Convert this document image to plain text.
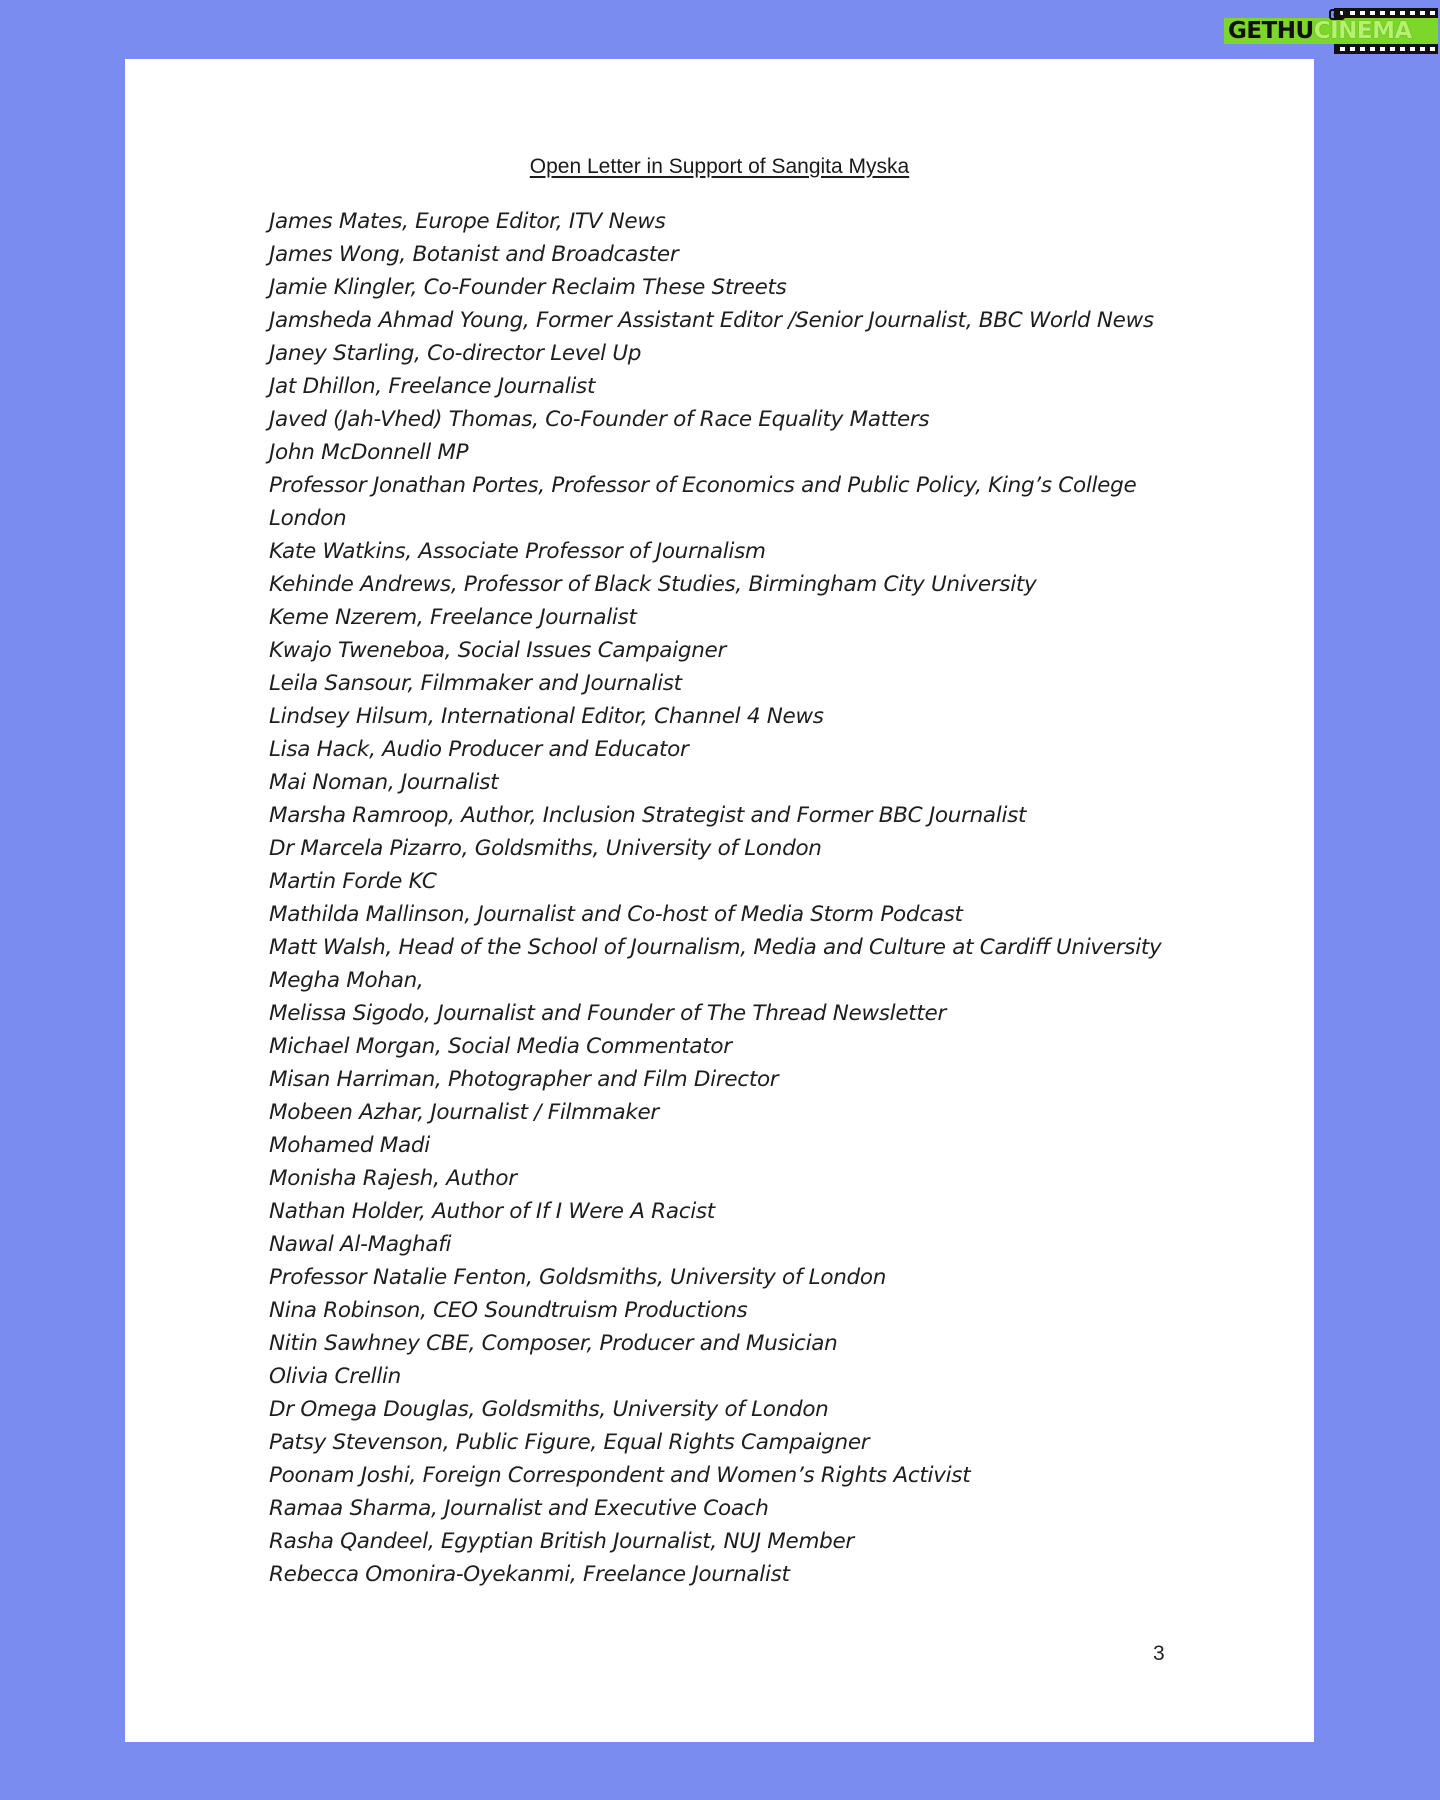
GETHUCINEMA
Open Letter in Support of Sangita Myska
James Mates, Europe Editor, ITV News
James Wong, Botanist and Broadcaster
Jamie Klingler, Co-Founder Reclaim These Streets
Jamsheda Ahmad Young, Former Assistant Editor /Senior Journalist, BBC World News
Janey Starling, Co-director Level Up
Jat Dhillon, Freelance Journalist
Javed (Jah-Vhed) Thomas, Co-Founder of Race Equality Matters
John McDonnell MP
Professor Jonathan Portes, Professor of Economics and Public Policy, King’s College
London
Kate Watkins, Associate Professor of Journalism
Kehinde Andrews, Professor of Black Studies, Birmingham City University
Keme Nzerem, Freelance Journalist
Kwajo Tweneboa, Social Issues Campaigner
Leila Sansour, Filmmaker and Journalist
Lindsey Hilsum, International Editor, Channel 4 News
Lisa Hack, Audio Producer and Educator
Mai Noman, Journalist
Marsha Ramroop, Author, Inclusion Strategist and Former BBC Journalist
Dr Marcela Pizarro, Goldsmiths, University of London
Martin Forde KC
Mathilda Mallinson, Journalist and Co-host of Media Storm Podcast
Matt Walsh, Head of the School of Journalism, Media and Culture at Cardiff University
Megha Mohan,
Melissa Sigodo, Journalist and Founder of The Thread Newsletter
Michael Morgan, Social Media Commentator
Misan Harriman, Photographer and Film Director
Mobeen Azhar, Journalist / Filmmaker
Mohamed Madi
Monisha Rajesh, Author
Nathan Holder, Author of If I Were A Racist
Nawal Al-Maghafi
Professor Natalie Fenton, Goldsmiths, University of London
Nina Robinson, CEO Soundtruism Productions
Nitin Sawhney CBE, Composer, Producer and Musician
Olivia Crellin
Dr Omega Douglas, Goldsmiths, University of London
Patsy Stevenson, Public Figure, Equal Rights Campaigner
Poonam Joshi, Foreign Correspondent and Women’s Rights Activist
Ramaa Sharma, Journalist and Executive Coach
Rasha Qandeel, Egyptian British Journalist, NUJ Member
Rebecca Omonira-Oyekanmi, Freelance Journalist
3
